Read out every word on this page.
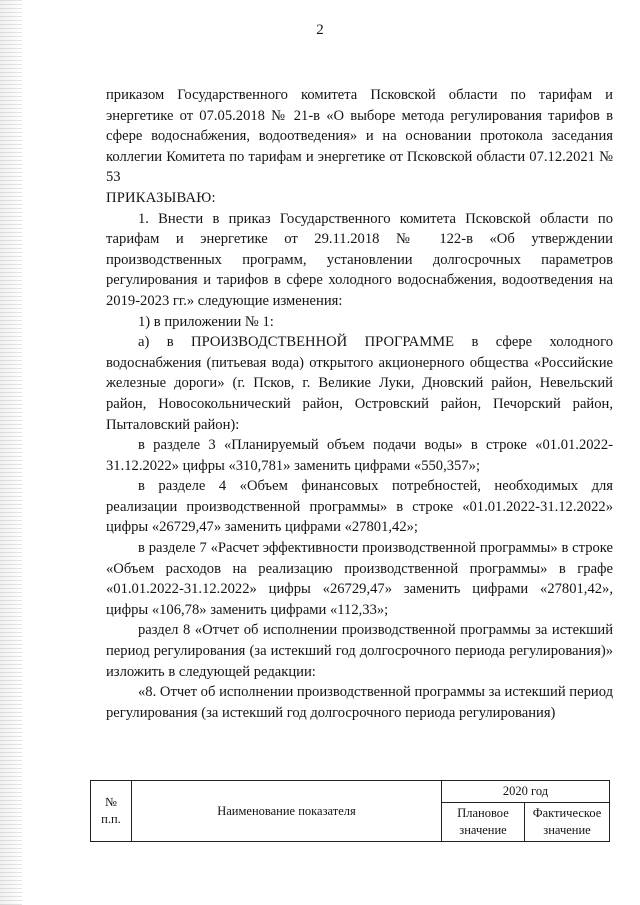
2

приказом Государственного комитета Псковской области по тарифам и энергетике от 07.05.2018 № 21-в «О выборе метода регулирования тарифов в сфере водоснабжения, водоотведения» и на основании протокола заседания коллегии Комитета по тарифам и энергетике от Псковской области 07.12.2021 № 53

ПРИКАЗЫВАЮ:

1. Внести в приказ Государственного комитета Псковской области по тарифам и энергетике от 29.11.2018 № 122-в «Об утверждении производственных программ, установлении долгосрочных параметров регулирования и тарифов в сфере холодного водоснабжения, водоотведения на 2019-2023 гг.» следующие изменения:

1) в приложении № 1:

а) в ПРОИЗВОДСТВЕННОЙ ПРОГРАММЕ в сфере холодного водоснабжения (питьевая вода) открытого акционерного общества «Российские железные дороги» (г. Псков, г. Великие Луки, Дновский район, Невельский район, Новосокольнический район, Островский район, Печорский район, Пыталовский район):

в разделе 3 «Планируемый объем подачи воды» в строке «01.01.2022-31.12.2022» цифры «310,781» заменить цифрами «550,357»;

в разделе 4 «Объем финансовых потребностей, необходимых для реализации производственной программы» в строке «01.01.2022-31.12.2022» цифры «26729,47» заменить цифрами «27801,42»;

в разделе 7 «Расчет эффективности производственной программы» в строке «Объем расходов на реализацию производственной программы» в графе «01.01.2022-31.12.2022» цифры «26729,47» заменить цифрами «27801,42», цифры «106,78» заменить цифрами «112,33»;

раздел 8 «Отчет об исполнении производственной программы за истекший период регулирования (за истекший год долгосрочного периода регулирования)» изложить в следующей редакции:

«8. Отчет об исполнении производственной программы за истекший период регулирования (за истекший год долгосрочного периода регулирования)

№ п.п.	Наименование показателя	2020 год	
		Плановое значение	Фактическое значение
